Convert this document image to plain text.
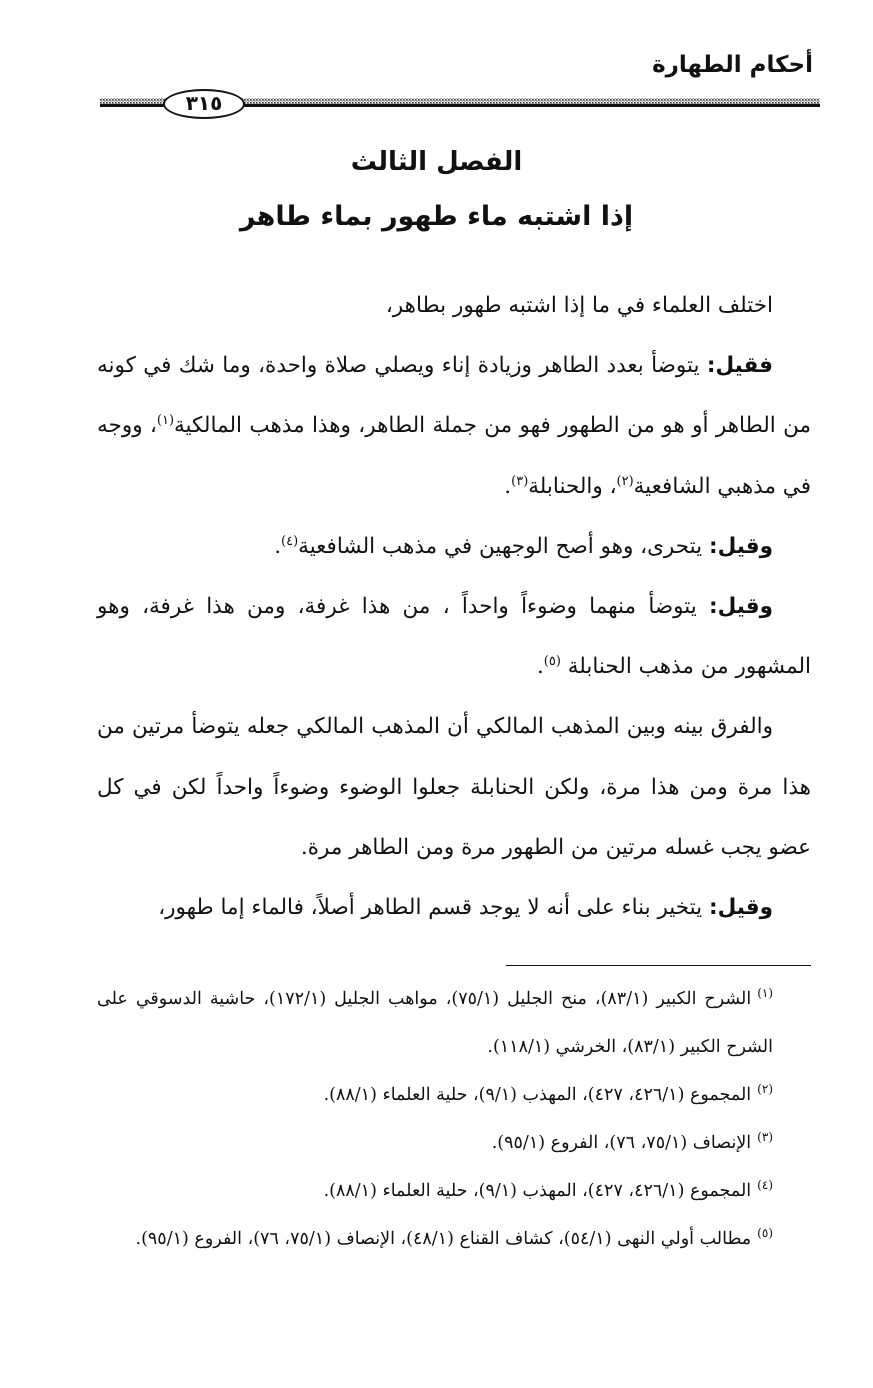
أحكام الطهارة
٣١٥
الفصل الثالث
إذا اشتبه ماء طهور بماء طاهر

اختلف العلماء في ما إذا اشتبه طهور بطاهر،

فقيل: يتوضأ بعدد الطاهر وزيادة إناء ويصلي صلاة واحدة، وما شك في كونه من الطاهر أو هو من الطهور فهو من جملة الطاهر، وهذا مذهب المالكية$^{(١)}$، ووجه في مذهبي الشافعية$^{(٢)}$، والحنابلة$^{(٣)}$.

وقيل: يتحرى، وهو أصح الوجهين في مذهب الشافعية$^{(٤)}$.

وقيل: يتوضأ منهما وضوءاً واحداً ، من هذا غرفة، ومن هذا غرفة، وهو المشهور من مذهب الحنابلة $^{(٥)}$.

والفرق بينه وبين المذهب المالكي أن المذهب المالكي جعله يتوضأ مرتين من هذا مرة ومن هذا مرة، ولكن الحنابلة جعلوا الوضوء وضوءاً واحداً لكن في كل عضو يجب غسله مرتين من الطهور مرة ومن الطاهر مرة.

وقيل: يتخير بناء على أنه لا يوجد قسم الطاهر أصلاً، فالماء إما طهور،

$^{(١)}$الشرح الكبير (٨٣/١)، منح الجليل (٧٥/١)، مواهب الجليل (١٧٢/١)، حاشية الدسوقي على الشرح الكبير (٨٣/١)، الخرشي (١١٨/١).

$^{(٢)}$المجموع (٤٢٦/١، ٤٢٧)، المهذب (٩/١)، حلية العلماء (٨٨/١).

$^{(٣)}$الإنصاف (٧٥/١، ٧٦)، الفروع (٩٥/١).

$^{(٤)}$المجموع (٤٢٦/١، ٤٢٧)، المهذب (٩/١)، حلية العلماء (٨٨/١).

$^{(٥)}$مطالب أولي النهى (٥٤/١)، كشاف القناع (٤٨/١)، الإنصاف (٧٥/١، ٧٦)، الفروع (٩٥/١).
